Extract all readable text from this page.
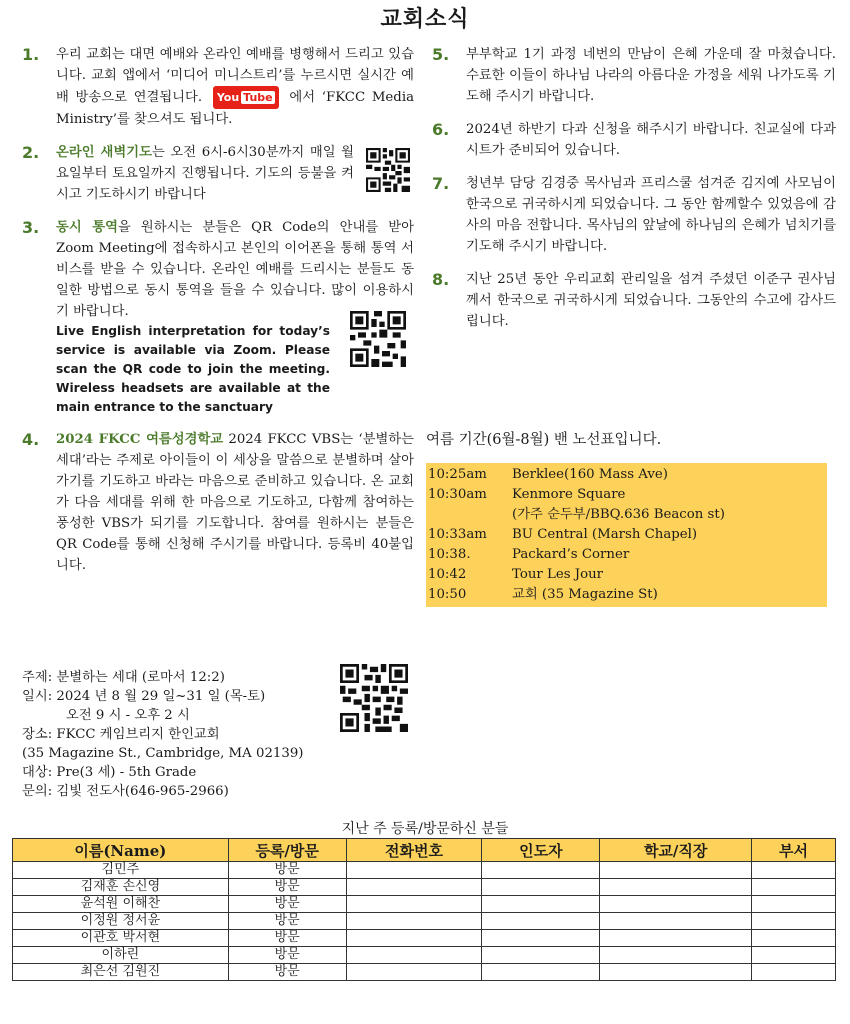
교회소식
1. 우리 교회는 대면 예배와 온라인 예배를 병행해서 드리고 있습니다. 교회 앱에서 ‘미디어 미니스트리’를 누르시면 실시간 예배 방송으로 연결됩니다. You Tube 에서 ‘FKCC Media Ministry’를 찾으셔도 됩니다.
2. 온라인 새벽기도는 오전 6시-6시30분까지 매일 월요일부터 토요일까지 진행됩니다. 기도의 등불을 켜시고 기도하시기 바랍니다
3. 동시 통역을 원하시는 분들은 QR Code의 안내를 받아 Zoom Meeting에 접속하시고 본인의 이어폰을 통해 통역 서비스를 받을 수 있습니다. 온라인 예배를 드리시는 분들도 동일한 방법으로 동시 통역을 들을 수 있습니다. 많이 이용하시기 바랍니다.
Live English interpretation for today’s service is available via Zoom. Please scan the QR code to join the meeting. Wireless headsets are available at the main entrance to the sanctuary
4. 2024 FKCC 여름성경학교 2024 FKCC VBS는 ‘분별하는 세대’라는 주제로 아이들이 이 세상을 말씀으로 분별하며 살아가기를 기도하고 바라는 마음으로 준비하고 있습니다. 온 교회가 다음 세대를 위해 한 마음으로 기도하고, 다함께 참여하는 풍성한 VBS가 되기를 기도합니다. 참여를 원하시는 분들은 QR Code를 통해 신청해 주시기를 바랍니다. 등록비 40불입니다.
주제: 분별하는 세대 (로마서 12:2)
일시: 2024 년 8 월 29 일~31 일 (목-토)
오전 9 시 - 오후 2 시
장소: FKCC 케임브리지 한인교회
(35 Magazine St., Cambridge, MA 02139)
대상: Pre(3 세) - 5th Grade
문의: 김빛 전도사(646-965-2966)
5. 부부학교 1기 과정 네번의 만남이 은혜 가운데 잘 마쳤습니다. 수료한 이들이 하나님 나라의 아름다운 가정을 세워 나가도록 기도해 주시기 바랍니다.
6. 2024년 하반기 다과 신청을 해주시기 바랍니다. 친교실에 다과 시트가 준비되어 있습니다.
7. 청년부 담당 김경중 목사님과 프리스쿨 섬겨준 김지예 사모님이 한국으로 귀국하시게 되었습니다. 그 동안 함께할수 있었음에 감사의 마음 전합니다. 목사님의 앞날에 하나님의 은혜가 넘치기를 기도해 주시기 바랍니다.
8. 지난 25년 동안 우리교회 관리일을 섬겨 주셨던 이준구 권사님께서 한국으로 귀국하시게 되었습니다. 그동안의 수고에 감사드립니다.
여름 기간(6월-8월) 밴 노선표입니다.
10:25am	Berklee(160 Mass Ave)
10:30am	Kenmore Square
(가주 순두부/BBQ.636 Beacon st)
10:33am	BU Central (Marsh Chapel)
10:38.	Packard’s Corner
10:42	Tour Les Jour
10:50	교회 (35 Magazine St)
지난 주 등록/방문하신 분들
이름(Name)	등록/방문	전화번호	인도자	학교/직장	부서
김민주	방문				
김재훈 손신영	방문				
윤석원 이해찬	방문				
이정원 정서윤	방문				
이관호 박서현	방문				
이하린	방문				
최은선 김원진	방문				
